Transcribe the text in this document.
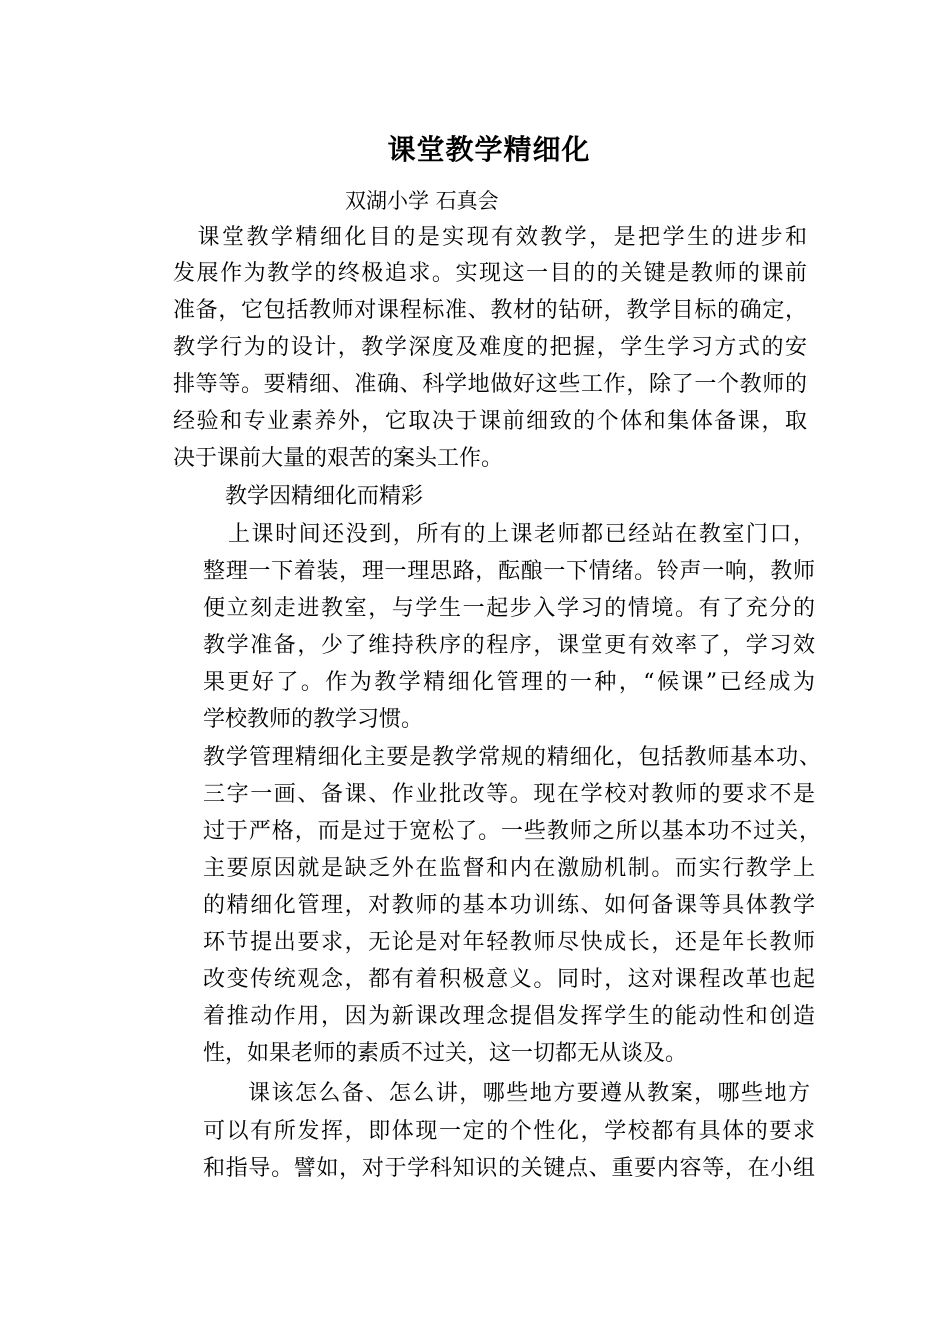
课堂教学精细化
双湖小学 石真会
　课堂教学精细化目的是实现有效教学，是把学生的进步和
发展作为教学的终极追求。实现这一目的的关键是教师的课前
准备，它包括教师对课程标准、教材的钻研，教学目标的确定，
教学行为的设计，教学深度及难度的把握，学生学习方式的安
排等等。要精细、准确、科学地做好这些工作，除了一个教师的
经验和专业素养外，它取决于课前细致的个体和集体备课，取
决于课前大量的艰苦的案头工作。
　教学因精细化而精彩
上课时间还没到，所有的上课老师都已经站在教室门口，
整理一下着装，理一理思路，酝酿一下情绪。铃声一响，教师
便立刻走进教室，与学生一起步入学习的情境。有了充分的
教学准备，少了维持秩序的程序，课堂更有效率了，学习效
果更好了。作为教学精细化管理的一种，“候课”已经成为
学校教师的教学习惯。
教学管理精细化主要是教学常规的精细化，包括教师基本功、
三字一画、备课、作业批改等。现在学校对教师的要求不是
过于严格，而是过于宽松了。一些教师之所以基本功不过关，
主要原因就是缺乏外在监督和内在激励机制。而实行教学上
的精细化管理，对教师的基本功训练、如何备课等具体教学
环节提出要求，无论是对年轻教师尽快成长，还是年长教师
改变传统观念，都有着积极意义。同时，这对课程改革也起
着推动作用，因为新课改理念提倡发挥学生的能动性和创造
性，如果老师的素质不过关，这一切都无从谈及。
课该怎么备、怎么讲，哪些地方要遵从教案，哪些地方
可以有所发挥，即体现一定的个性化，学校都有具体的要求
和指导。譬如，对于学科知识的关键点、重要内容等，在小组
